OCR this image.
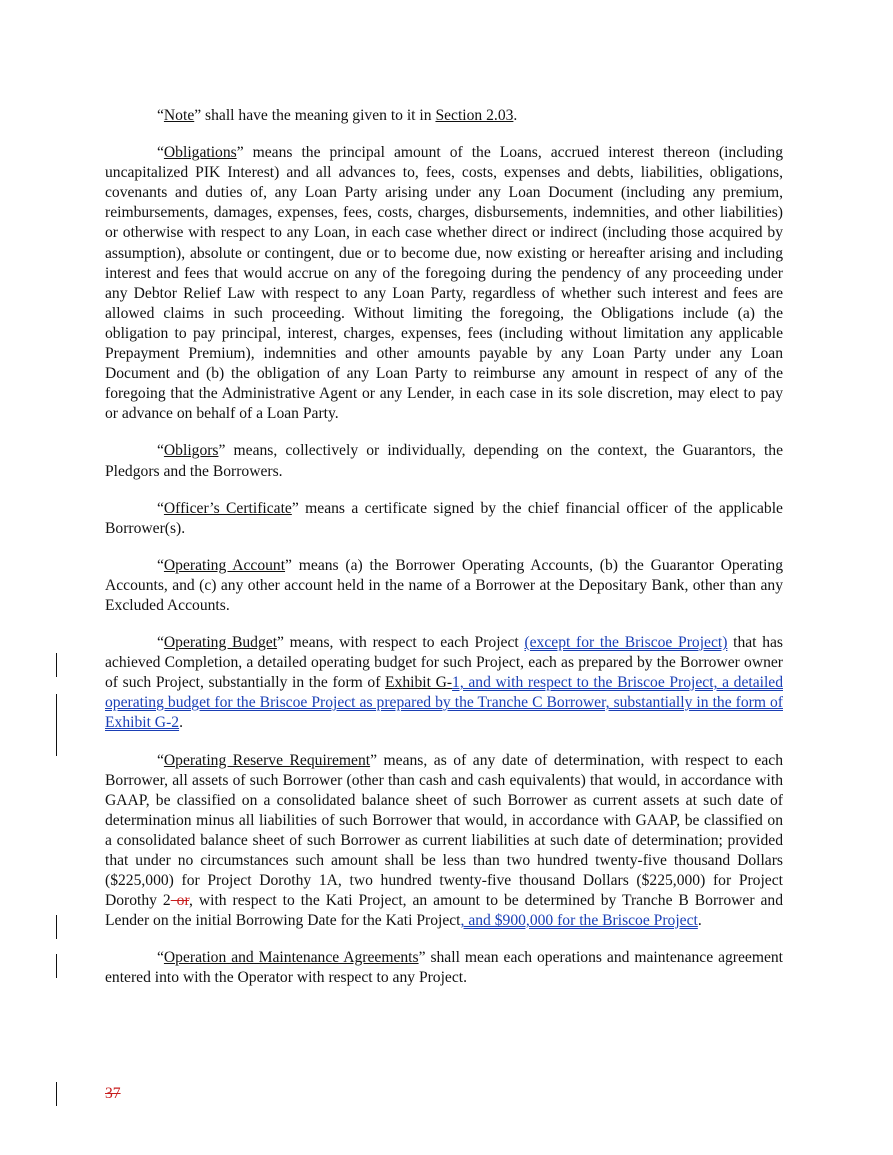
“Note” shall have the meaning given to it in Section 2.03.

“Obligations” means the principal amount of the Loans, accrued interest thereon (including uncapitalized PIK Interest) and all advances to, fees, costs, expenses and debts, liabilities, obligations, covenants and duties of, any Loan Party arising under any Loan Document (including any premium, reimbursements, damages, expenses, fees, costs, charges, disbursements, indemnities, and other liabilities) or otherwise with respect to any Loan, in each case whether direct or indirect (including those acquired by assumption), absolute or contingent, due or to become due, now existing or hereafter arising and including interest and fees that would accrue on any of the foregoing during the pendency of any proceeding under any Debtor Relief Law with respect to any Loan Party, regardless of whether such interest and fees are allowed claims in such proceeding. Without limiting the foregoing, the Obligations include (a) the obligation to pay principal, interest, charges, expenses, fees (including without limitation any applicable Prepayment Premium), indemnities and other amounts payable by any Loan Party under any Loan Document and (b) the obligation of any Loan Party to reimburse any amount in respect of any of the foregoing that the Administrative Agent or any Lender, in each case in its sole discretion, may elect to pay or advance on behalf of a Loan Party.

“Obligors” means, collectively or individually, depending on the context, the Guarantors, the Pledgors and the Borrowers.

“Officer’s Certificate” means a certificate signed by the chief financial officer of the applicable Borrower(s).

“Operating Account” means (a) the Borrower Operating Accounts, (b) the Guarantor Operating Accounts, and (c) any other account held in the name of a Borrower at the Depositary Bank, other than any Excluded Accounts.

“Operating Budget” means, with respect to each Project (except for the Briscoe Project) that has achieved Completion, a detailed operating budget for such Project, each as prepared by the Borrower owner of such Project, substantially in the form of Exhibit G-1, and with respect to the Briscoe Project, a detailed operating budget for the Briscoe Project as prepared by the Tranche C Borrower, substantially in the form of Exhibit G-2.

“Operating Reserve Requirement” means, as of any date of determination, with respect to each Borrower, all assets of such Borrower (other than cash and cash equivalents) that would, in accordance with GAAP, be classified on a consolidated balance sheet of such Borrower as current assets at such date of determination minus all liabilities of such Borrower that would, in accordance with GAAP, be classified on a consolidated balance sheet of such Borrower as current liabilities at such date of determination; provided that under no circumstances such amount shall be less than two hundred twenty-five thousand Dollars ($225,000) for Project Dorothy 1A, two hundred twenty-five thousand Dollars ($225,000) for Project Dorothy 2 or, with respect to the Kati Project, an amount to be determined by Tranche B Borrower and Lender on the initial Borrowing Date for the Kati Project, and $900,000 for the Briscoe Project.

“Operation and Maintenance Agreements” shall mean each operations and maintenance agreement entered into with the Operator with respect to any Project.

37
